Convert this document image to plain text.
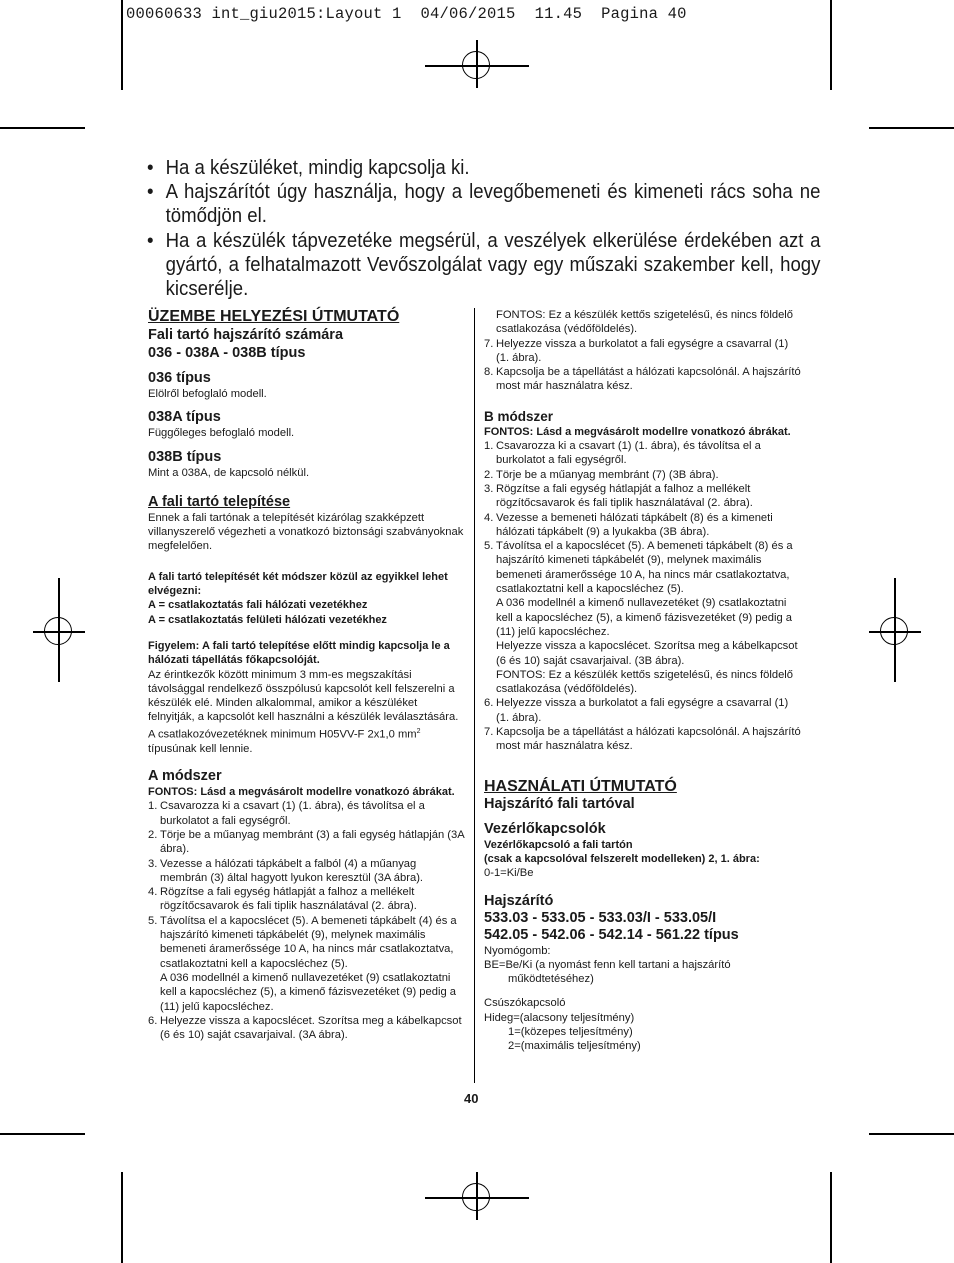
00060633 int_giu2015:Layout 1  04/06/2015  11.45  Pagina 40
• Ha a készüléket, mindig kapcsolja ki.
• A hajszárítót úgy használja, hogy a levegőbemeneti és kimeneti rács soha ne tömődjön el.
• Ha a készülék tápvezetéke megsérül, a veszélyek elkerülése érdekében azt a gyártó, a felhatalmazott Vevőszolgálat vagy egy műszaki szakember kell, hogy kicserélje.
ÜZEMBE HELYEZÉSI ÚTMUTATÓ
Fali tartó hajszárító számára
036 - 038A - 038B típus
036 típus

Elölről befoglaló modell.

038A típus

Függőleges befoglaló modell.

038B típus

Mint a 038A, de kapcsoló nélkül.

A fali tartó telepítése

Ennek a fali tartónak a telepítését kizárólag szakképzett villanyszerelő végezheti a vonatkozó biztonsági szabványoknak megfelelően.

A fali tartó telepítését két módszer közül az egyikkel lehet elvégezni:
A = csatlakoztatás fali hálózati vezetékhez
A = csatlakoztatás felületi hálózati vezetékhez
Figyelem: A fali tartó telepítése előtt mindig kapcsolja le a hálózati tápellátás főkapcsolóját.

Az érintkezők között minimum 3 mm-es megszakítási távolsággal rendelkező összpólusú kapcsolót kell felszerelni a készülék elé. Minden alkalommal, amikor a készüléket felnyitják, a kapcsolót kell használni a készülék leválasztására.

A csatlakozóvezetéknek minimum H05VV-F 2x1,0 $mm^2$
típusúnak kell lennie.

A módszer
FONTOS: Lásd a megvásárolt modellre vonatkozó ábrákat.
1. Csavarozza ki a csavart (1) (1. ábra), és távolítsa el a burkolatot a fali egységről.
2. Törje be a műanyag membránt (3) a fali egység hátlapján (3A ábra).
3. Vezesse a hálózati tápkábelt a falból (4) a műanyag membrán (3) által hagyott lyukon keresztül (3A ábra).
4. Rögzítse a fali egység hátlapját a falhoz a mellékelt rögzítőcsavarok és fali tiplik használatával (2. ábra).
5. Távolítsa el a kapocslécet (5). A bemeneti tápkábelt (4) és a hajszárító kimeneti tápkábelét (9), melynek maximális bemeneti áramerőssége 10 A, ha nincs már csatlakoztatva, csatlakoztatni kell a kapocsléchez (5).
A 036 modellnél a kimenő nullavezetéket (9) csatlakoztatni kell a kapocsléchez (5), a kimenő fázisvezetéket (9) pedig a (11) jelű kapocsléchez.
6. Helyezze vissza a kapocslécet. Szorítsa meg a kábelkapcsot (6 és 10) saját csavarjaival. (3A ábra).

FONTOS: Ez a készülék kettős szigetelésű, és nincs földelő csatlakozása (védőföldelés).

7. Helyezze vissza a burkolatot a fali egységre a csavarral (1) (1. ábra).
8. Kapcsolja be a tápellátást a hálózati kapcsolónál. A hajszárító most már használatra kész.
B módszer
FONTOS: Lásd a megvásárolt modellre vonatkozó ábrákat.
1. Csavarozza ki a csavart (1) (1. ábra), és távolítsa el a burkolatot a fali egységről.
2. Törje be a műanyag membránt (7) (3B ábra).
3. Rögzítse a fali egység hátlapját a falhoz a mellékelt rögzítőcsavarok és fali tiplik használatával (2. ábra).
4. Vezesse a bemeneti hálózati tápkábelt (8) és a kimeneti hálózati tápkábelt (9) a lyukakba (3B ábra).
5. Távolítsa el a kapocslécet (5). A bemeneti tápkábelt (8) és a hajszárító kimeneti tápkábelét (9), melynek maximális bemeneti áramerőssége 10 A, ha nincs már csatlakoztatva, csatlakoztatni kell a kapocsléchez (5).
A 036 modellnél a kimenő nullavezetéket (9) csatlakoztatni kell a kapocsléchez (5), a kimenő fázisvezetéket (9) pedig a (11) jelű kapocsléchez.
Helyezze vissza a kapocslécet. Szorítsa meg a kábelkapcsot (6 és 10) saját csavarjaival. (3B ábra).
FONTOS: Ez a készülék kettős szigetelésű, és nincs földelő csatlakozása (védőföldelés).
6. Helyezze vissza a burkolatot a fali egységre a csavarral (1) (1. ábra).
7. Kapcsolja be a tápellátást a hálózati kapcsolónál. A hajszárító most már használatra kész.
HASZNÁLATI ÚTMUTATÓ
Hajszárító fali tartóval
Vezérlőkapcsolók
Vezérlőkapcsoló a fali tartón
(csak a kapcsolóval felszerelt modelleken) 2, 1. ábra:
0-1=Ki/Be
Hajszárító
533.03 - 533.05 - 533.03/I - 533.05/I
542.05 - 542.06 - 542.14 - 561.22 típus
Nyomógomb:
BE=Be/Ki (a nyomást fenn kell tartani a hajszárító működtetéséhez)
Csúszókapcsoló
Hideg=(alacsony teljesítmény)
1=(közepes teljesítmény)
2=(maximális teljesítmény)
40
